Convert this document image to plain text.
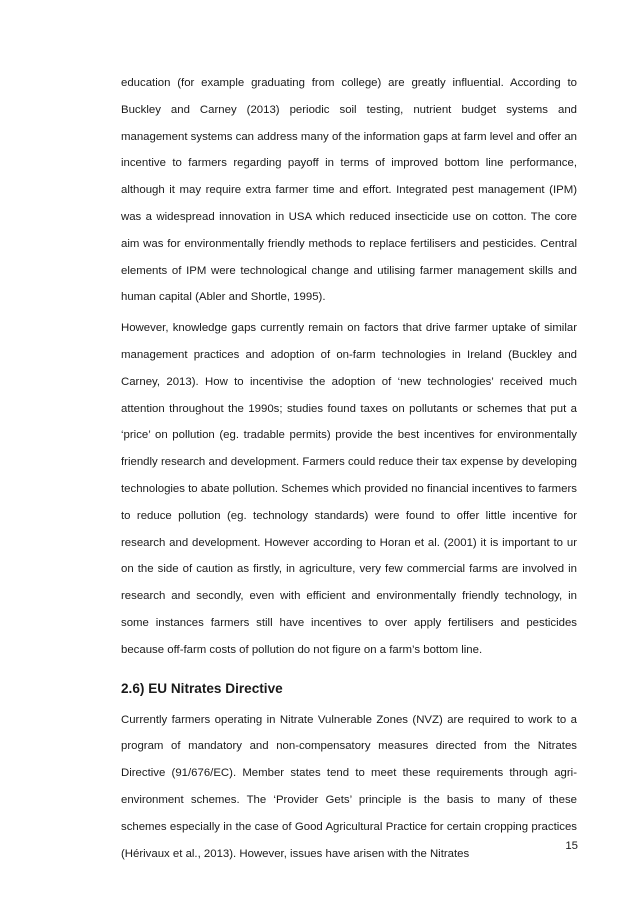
education (for example graduating from college) are greatly influential. According to Buckley and Carney (2013) periodic soil testing, nutrient budget systems and management systems can address many of the information gaps at farm level and offer an incentive to farmers regarding payoff in terms of improved bottom line performance, although it may require extra farmer time and effort. Integrated pest management (IPM) was a widespread innovation in USA which reduced insecticide use on cotton. The core aim was for environmentally friendly methods to replace fertilisers and pesticides. Central elements of IPM were technological change and utilising farmer management skills and human capital (Abler and Shortle, 1995).

However, knowledge gaps currently remain on factors that drive farmer uptake of similar management practices and adoption of on-farm technologies in Ireland (Buckley and Carney, 2013). How to incentivise the adoption of ‘new technologies’ received much attention throughout the 1990s; studies found taxes on pollutants or schemes that put a ‘price’ on pollution (eg. tradable permits) provide the best incentives for environmentally friendly research and development. Farmers could reduce their tax expense by developing technologies to abate pollution. Schemes which provided no financial incentives to farmers to reduce pollution (eg. technology standards) were found to offer little incentive for research and development. However according to Horan et al. (2001) it is important to ur on the side of caution as firstly, in agriculture, very few commercial farms are involved in research and secondly, even with efficient and environmentally friendly technology, in some instances farmers still have incentives to over apply fertilisers and pesticides because off-farm costs of pollution do not figure on a farm’s bottom line.

2.6) EU Nitrates Directive

Currently farmers operating in Nitrate Vulnerable Zones (NVZ) are required to work to a program of mandatory and non-compensatory measures directed from the Nitrates Directive (91/676/EC). Member states tend to meet these requirements through agri-environment schemes. The ‘Provider Gets’ principle is the basis to many of these schemes especially in the case of Good Agricultural Practice for certain cropping practices (Hérivaux et al., 2013). However, issues have arisen with the Nitrates

15
